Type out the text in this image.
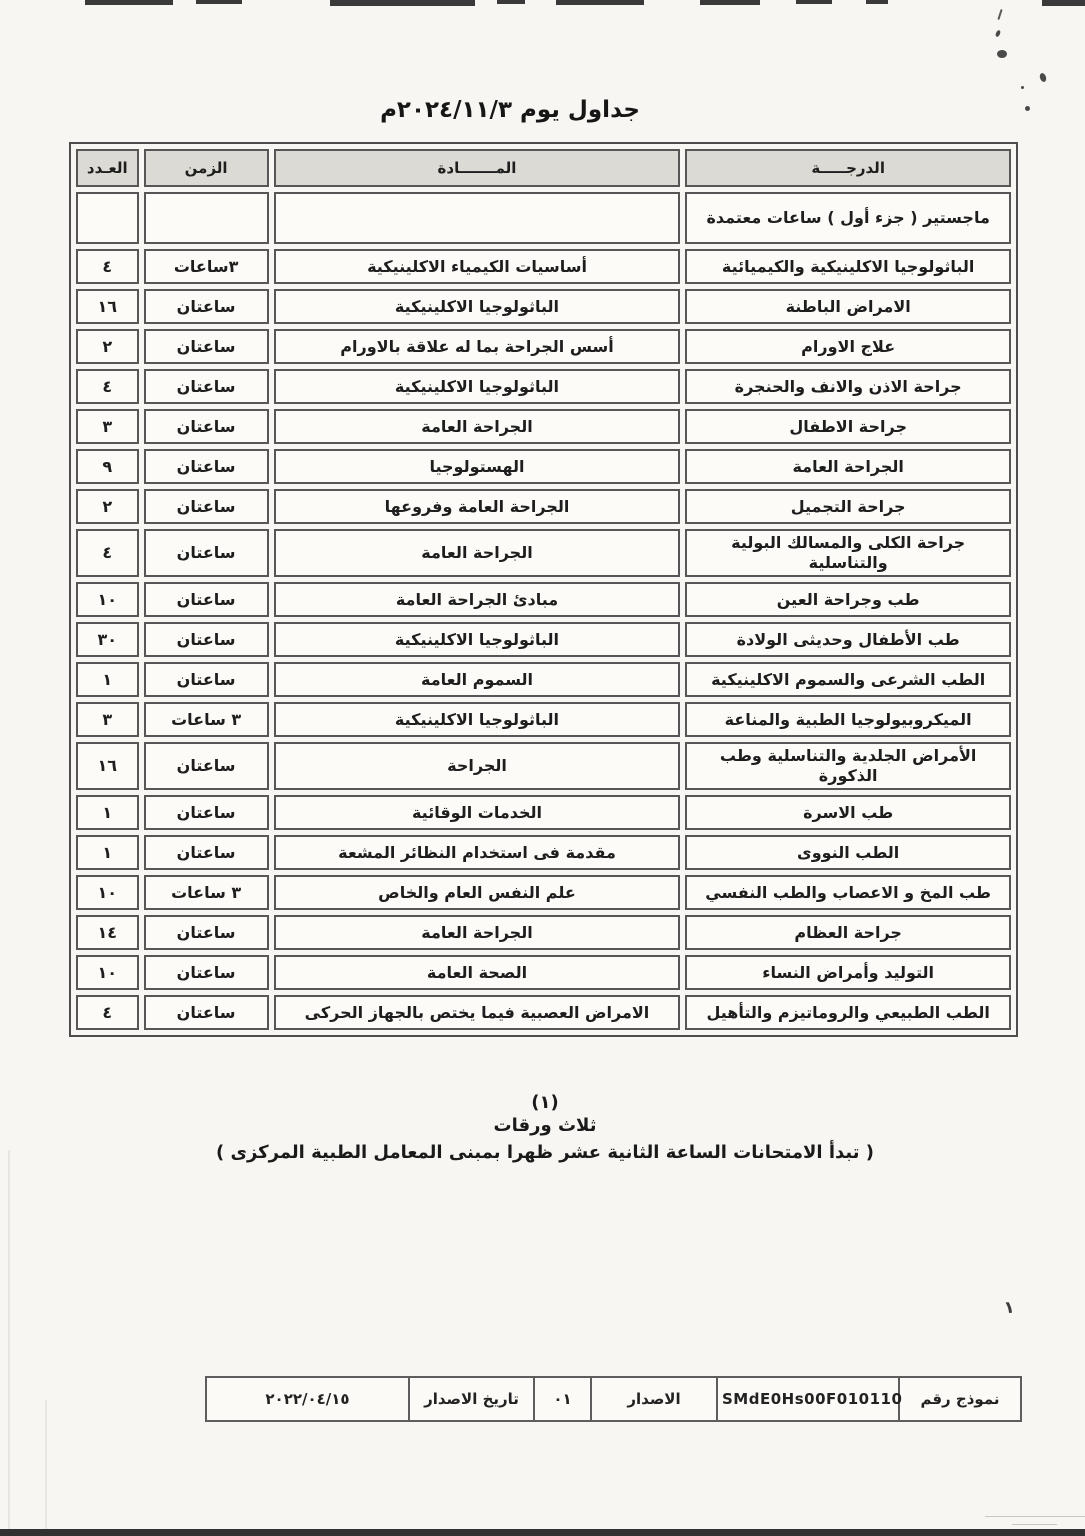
جداول يوم ٢٠٢٤/١١/٣م
الدرجـــــة	المـــــــادة	الزمن	العـدد
ماجستير ( جزء أول ) ساعات معتمدة			
الباثولوجيا الاكلينيكية والكيميائية	أساسيات الكيمياء الاكلينيكية	٣ساعات	٤
الامراض الباطنة	الباثولوجيا الاكلينيكية	ساعتان	١٦
علاج الاورام	أسس الجراحة بما له علاقة بالاورام	ساعتان	٢
جراحة الاذن والانف والحنجرة	الباثولوجيا الاكلينيكية	ساعتان	٤
جراحة الاطفال	الجراحة العامة	ساعتان	٣
الجراحة العامة	الهستولوجيا	ساعتان	٩
جراحة التجميل	الجراحة العامة وفروعها	ساعتان	٢
جراحة الكلى والمسالك البولية والتناسلية	الجراحة العامة	ساعتان	٤
طب وجراحة العين	مبادئ الجراحة العامة	ساعتان	١٠
طب الأطفال وحديثى الولادة	الباثولوجيا الاكلينيكية	ساعتان	٣٠
الطب الشرعى والسموم الاكلينيكية	السموم العامة	ساعتان	١
الميكروبيولوجيا الطبية والمناعة	الباثولوجيا الاكلينيكية	٣ ساعات	٣
الأمراض الجلدية والتناسلية وطب الذكورة	الجراحة	ساعتان	١٦
طب الاسرة	الخدمات الوقائية	ساعتان	١
الطب النووى	مقدمة فى استخدام النظائر المشعة	ساعتان	١
طب المخ و الاعصاب والطب النفسي	علم النفس العام والخاص	٣ ساعات	١٠
جراحة العظام	الجراحة العامة	ساعتان	١٤
التوليد وأمراض النساء	الصحة العامة	ساعتان	١٠
الطب الطبيعي والروماتيزم والتأهيل	الامراض العصبية فيما يختص بالجهاز الحركى	ساعتان	٤
(١)
ثلاث ورقات
( تبدأ الامتحانات الساعة الثانية عشر ظهرا بمبنى المعامل الطبية المركزى )
١
نموذج رقم	SMdE0Hs00F010110	الاصدار	٠١	تاريخ الاصدار	٢٠٢٢/٠٤/١٥
